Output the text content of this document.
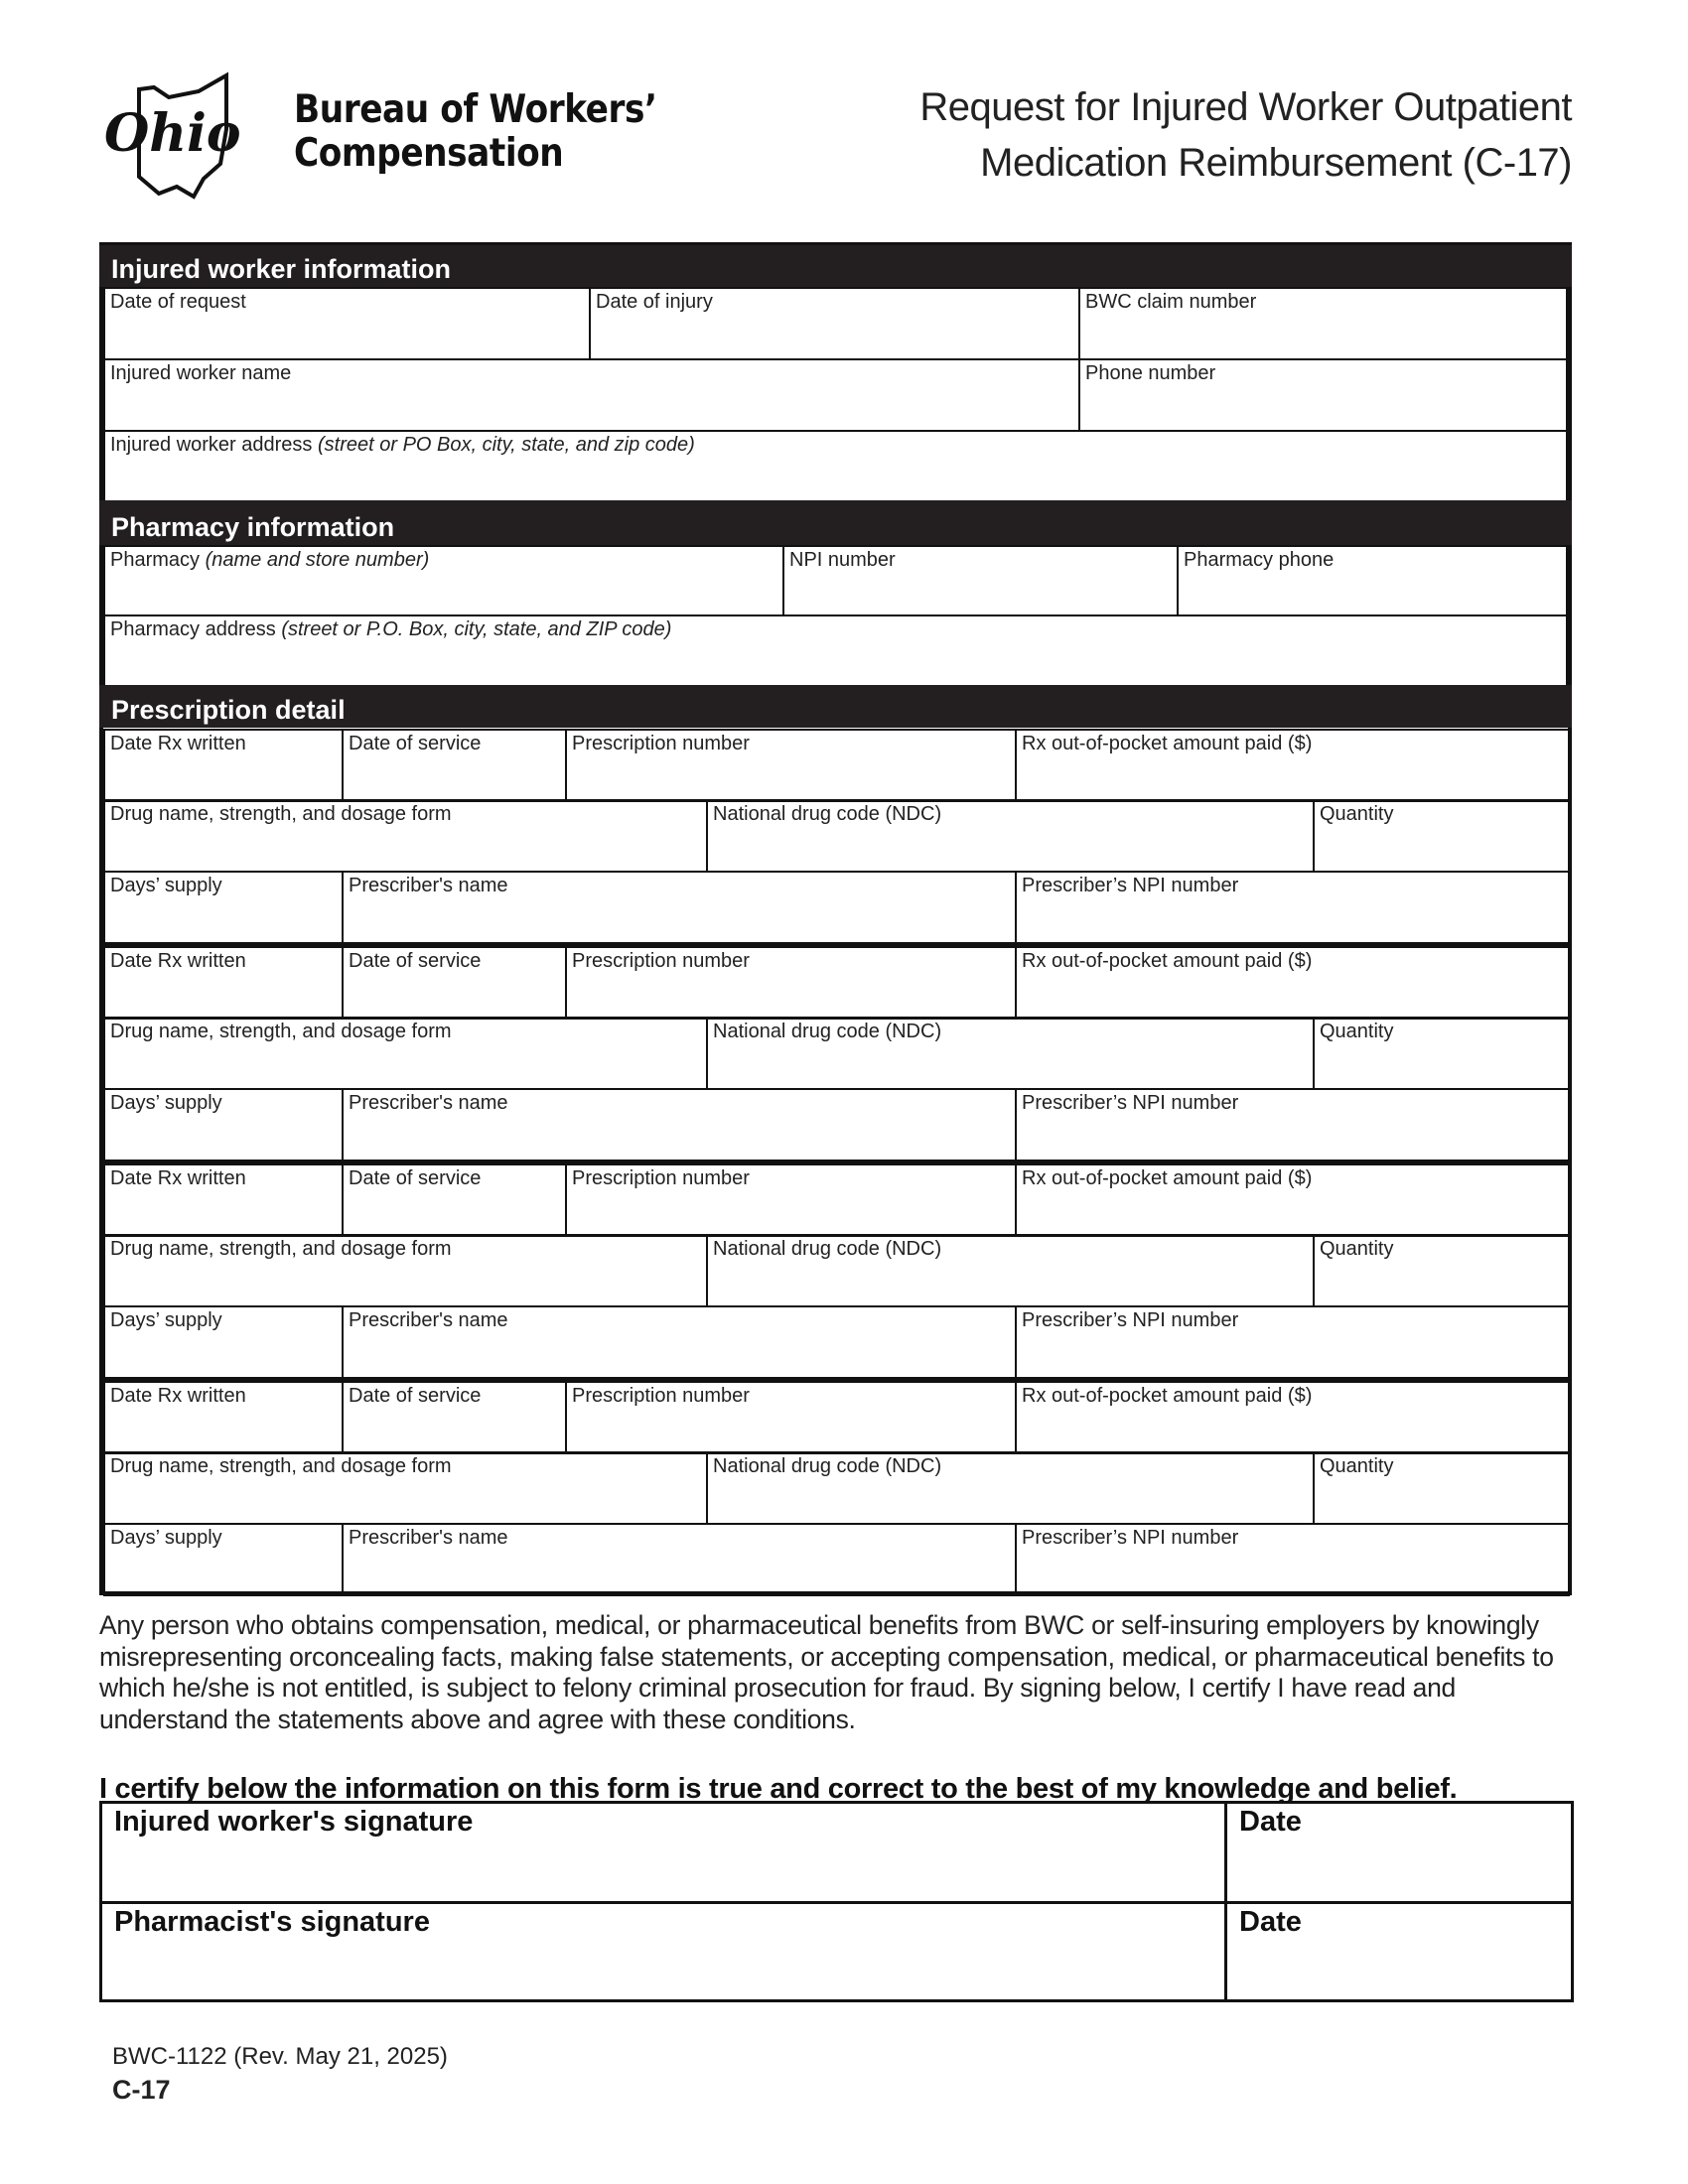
Ohio Bureau of Workers’
Compensation
Request for Injured Worker Outpatient
Medication Reimbursement (C-17)
Injured worker information
Date of request	Date of injury	BWC claim number
Injured worker name	Phone number
Injured worker address (street or PO Box, city, state, and zip code)
Pharmacy information
Pharmacy (name and store number)	NPI number	Pharmacy phone
Pharmacy address (street or P.O. Box, city, state, and ZIP code)
Prescription detail
Date Rx written	Date of service	Prescription number	Rx out-of-pocket amount paid ($)
Drug name, strength, and dosage form	National drug code (NDC)	Quantity
Days’ supply	Prescriber's name	Prescriber’s NPI number
Date Rx written	Date of service	Prescription number	Rx out-of-pocket amount paid ($)
Drug name, strength, and dosage form	National drug code (NDC)	Quantity
Days’ supply	Prescriber's name	Prescriber’s NPI number
Date Rx written	Date of service	Prescription number	Rx out-of-pocket amount paid ($)
Drug name, strength, and dosage form	National drug code (NDC)	Quantity
Days’ supply	Prescriber's name	Prescriber’s NPI number
Date Rx written	Date of service	Prescription number	Rx out-of-pocket amount paid ($)
Drug name, strength, and dosage form	National drug code (NDC)	Quantity
Days’ supply	Prescriber's name	Prescriber’s NPI number
Any person who obtains compensation, medical, or pharmaceutical benefits from BWC or self-insuring employers by knowingly misrepresenting orconcealing facts, making false statements, or accepting compensation, medical, or pharmaceutical benefits to which he/she is not entitled, is subject to felony criminal prosecution for fraud. By signing below, I certify I have read and understand the statements above and agree with these conditions.
I certify below the information on this form is true and correct to the best of my knowledge and belief.
Injured worker's signature	Date
Pharmacist's signature	Date
BWC-1122 (Rev. May 21, 2025)
C-17
